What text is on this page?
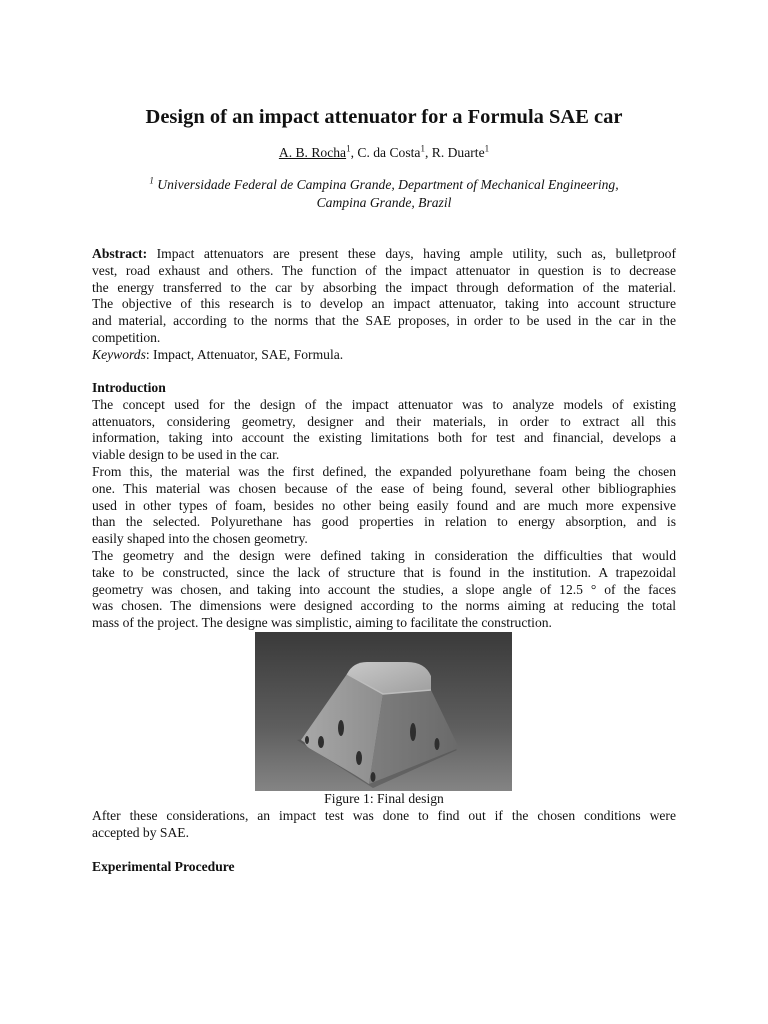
Design of an impact attenuator for a Formula SAE car
A. B. Rocha$^1$, C. da Costa$^1$, R. Duarte$^1$
$^1$ Universidade Federal de Campina Grande, Department of Mechanical Engineering,
Campina Grande, Brazil
Abstract: Impact attenuators are present these days, having ample utility, such as, bulletproof
vest, road exhaust and others. The function of the impact attenuator in question is to decrease
the energy transferred to the car by absorbing the impact through deformation of the material.
The objective of this research is to develop an impact attenuator, taking into account structure
and material, according to the norms that the SAE proposes, in order to be used in the car in the
competition.
Keywords: Impact, Attenuator, SAE, Formula.
Introduction
The concept used for the design of the impact attenuator was to analyze models of existing
attenuators, considering geometry, designer and their materials, in order to extract all this
information, taking into account the existing limitations both for test and financial, develops a
viable design to be used in the car.
From this, the material was the first defined, the expanded polyurethane foam being the chosen
one. This material was chosen because of the ease of being found, several other bibliographies
used in other types of foam, besides no other being easily found and are much more expensive
than the selected. Polyurethane has good properties in relation to energy absorption, and is
easily shaped into the chosen geometry.
The geometry and the design were defined taking in consideration the difficulties that would
take to be constructed, since the lack of structure that is found in the institution. A trapezoidal
geometry was chosen, and taking into account the studies, a slope angle of 12.5 ° of the faces
was chosen. The dimensions were designed according to the norms aiming at reducing the total
mass of the project. The designe was simplistic, aiming to facilitate the construction.
Figure 1: Final design
After these considerations, an impact test was done to find out if the chosen conditions were
accepted by SAE.
Experimental Procedure
